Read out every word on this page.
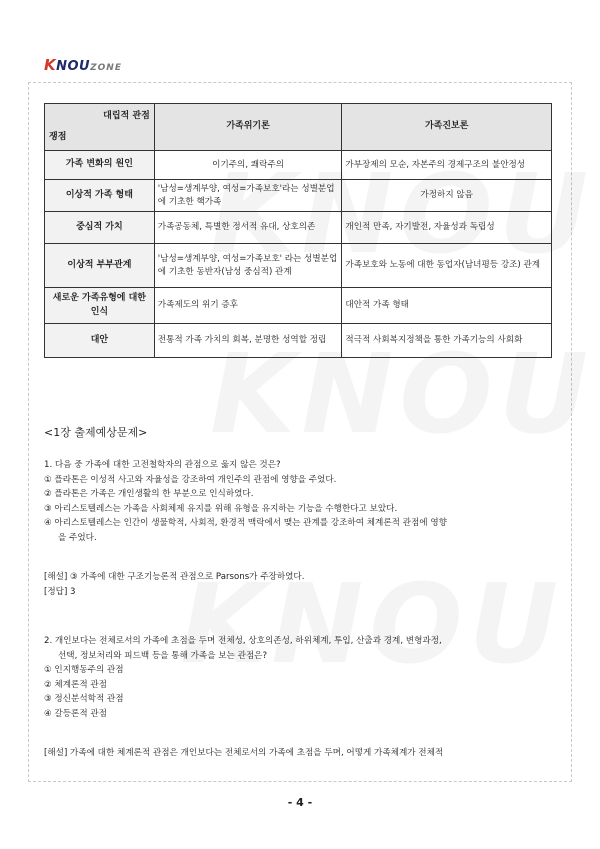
KNOUZONE
대립적 관점
쟁점	가족위기론	가족진보론
가족 변화의 원인	이기주의, 쾌락주의	가부장제의 모순, 자본주의 경제구조의 불안정성
이상적 가족 형태	'남성=생계부양, 여성=가족보호'라는 성별분업에 기초한 핵가족	가정하지 않음
중심적 가치	가족공동체, 특별한 정서적 유대, 상호의존	개인적 만족, 자기발전, 자율성과 독립성
이상적 부부관계	'남성=생계부양, 여성=가족보호' 라는 성별분업에 기초한 동반자(남성 중심적) 관계	가족보호와 노동에 대한 동업자(남녀평등 강조) 관계
새로운 가족유형에 대한 인식	가족제도의 위기 증후	대안적 가족 형태
대안	전통적 가족 가치의 회복, 분명한 성역할 정립	적극적 사회복지정책을 통한 가족기능의 사회화
<1장 출제예상문제>

1. 다음 중 가족에 대한 고전철학자의 관점으로 옳지 않은 것은?

① 플라톤은 이성적 사고와 자율성을 강조하여 개인주의 관점에 영향을 주었다.

② 플라톤은 가족은 개인생활의 한 부분으로 인식하였다.

③ 아리스토텔레스는 가족을 사회체제 유지를 위해 유형을 유지하는 기능을 수행한다고 보았다.

④ 아리스토텔레스는 인간이 생물학적, 사회적, 환경적 맥락에서 맺는 관계를 강조하여 체계론적 관점에 영향

을 주었다.

[해설] ③ 가족에 대한 구조기능론적 관점으로 Parsons가 주장하였다.

[정답] 3

2. 개인보다는 전체로서의 가족에 초점을 두며 전체성, 상호의존성, 하위체계, 투입, 산출과 경계, 변형과정,

선택, 정보처리와 피드백 등을 통해 가족을 보는 관점은?

① 인지행동주의 관점

② 체계론적 관점

③ 정신분석학적 관점

④ 갈등론적 관점

[해설] 가족에 대한 체계론적 관점은 개인보다는 전체로서의 가족에 초점을 두며, 어떻게 가족체계가 전체적

- 4 -
